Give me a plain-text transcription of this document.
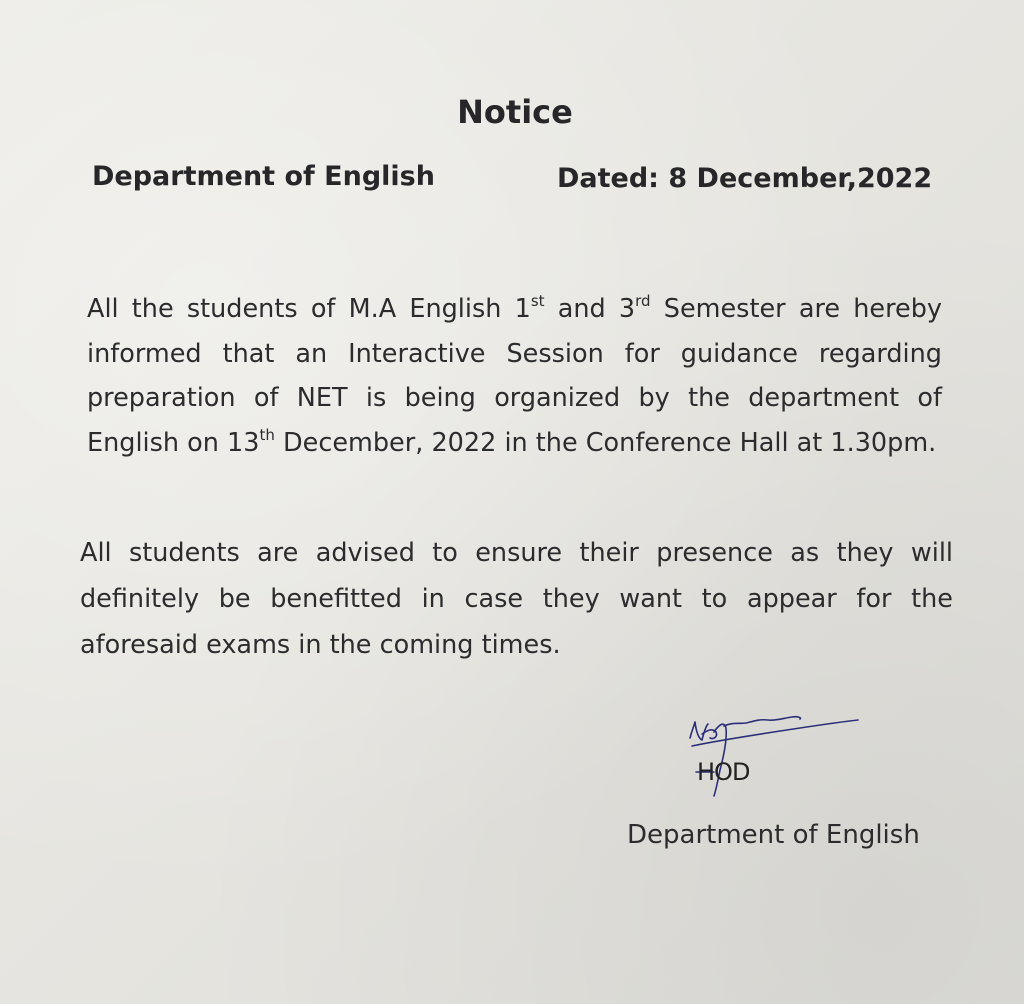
Notice
Department of English	Dated: 8 December,2022

All the students of M.A English 1st and 3rd Semester are hereby informed that an Interactive Session for guidance regarding preparation of NET is being organized by the department of English on 13th December, 2022 in the Conference Hall at 1.30pm.

All students are advised to ensure their presence as they will definitely be benefitted in case they want to appear for the aforesaid exams in the coming times.

HOD
Department of English
